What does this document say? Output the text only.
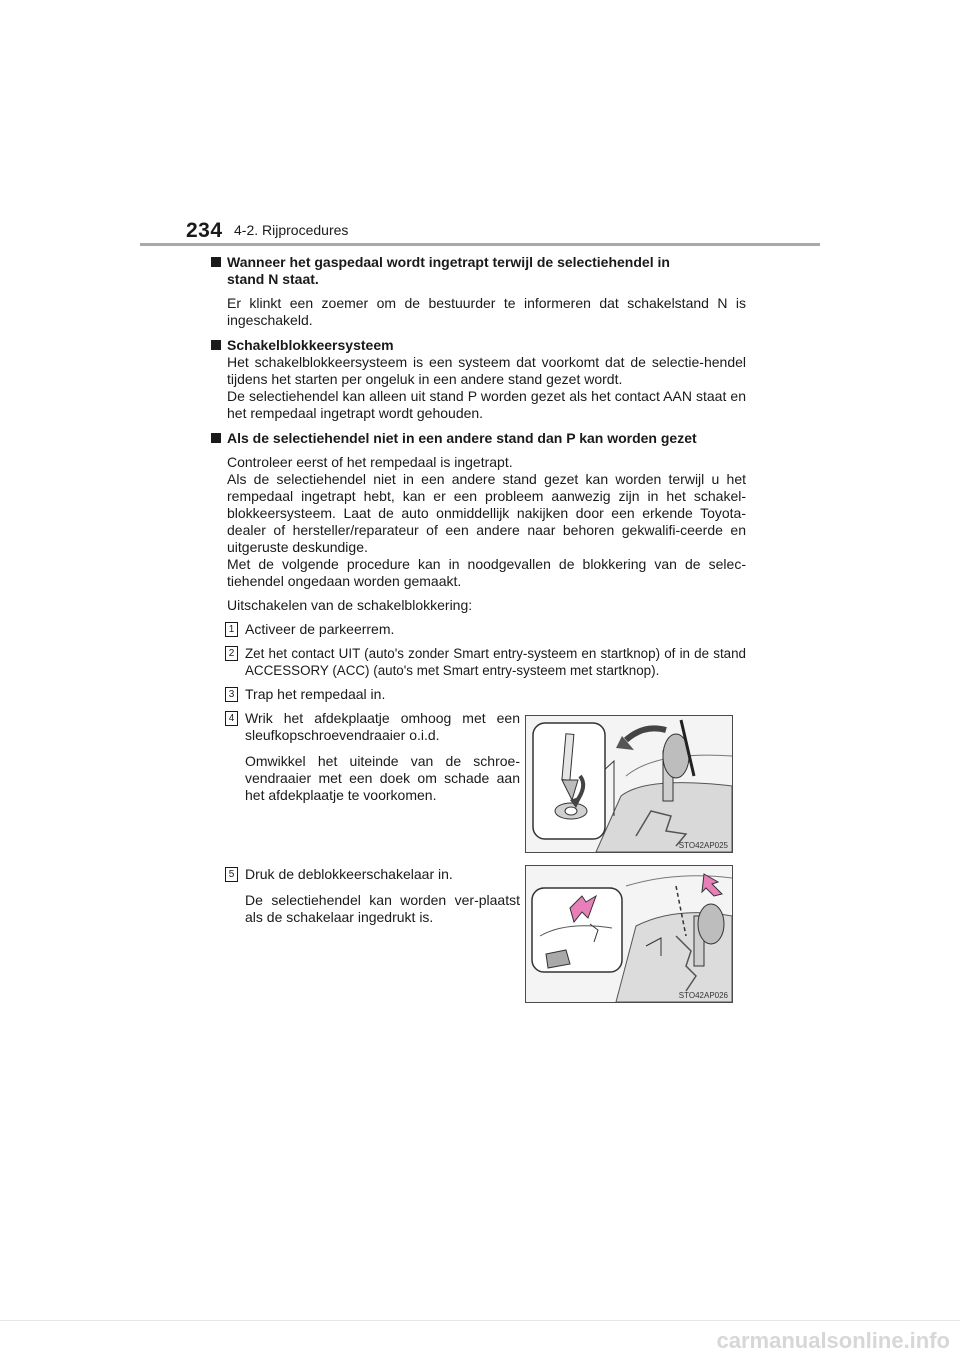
234 4-2. Rijprocedures
Wanneer het gaspedaal wordt ingetrapt terwijl de selectiehendel in stand N staat.

Er klinkt een zoemer om de bestuurder te informeren dat schakelstand N is ingeschakeld.

Schakelblokkeersysteem

Het schakelblokkeersysteem is een systeem dat voorkomt dat de selectie-hendel tijdens het starten per ongeluk in een andere stand gezet wordt.

De selectiehendel kan alleen uit stand P worden gezet als het contact AAN staat en het rempedaal ingetrapt wordt gehouden.

Als de selectiehendel niet in een andere stand dan P kan worden gezet

Controleer eerst of het rempedaal is ingetrapt.

Als de selectiehendel niet in een andere stand gezet kan worden terwijl u het rempedaal ingetrapt hebt, kan er een probleem aanwezig zijn in het schakel-blokkeersysteem. Laat de auto onmiddellijk nakijken door een erkende Toyota-dealer of hersteller/reparateur of een andere naar behoren gekwalifi-ceerde en uitgeruste deskundige.

Met de volgende procedure kan in noodgevallen de blokkering van de selec-tiehendel ongedaan worden gemaakt.

Uitschakelen van de schakelblokkering:

1 Activeer de parkeerrem.

2 Zet het contact UIT (auto's zonder Smart entry-systeem en startknop) of in de stand ACCESSORY (ACC) (auto's met Smart entry-systeem met startknop).

3 Trap het rempedaal in.

4 Wrik het afdekplaatje omhoog met een sleufkopschroevendraaier o.i.d.

Omwikkel het uiteinde van de schroe-vendraaier met een doek om schade aan het afdekplaatje te voorkomen.

5 Druk de deblokkeerschakelaar in.

De selectiehendel kan worden ver-plaatst als de schakelaar ingedrukt is.

STO42AP025
STO42AP026
carmanualsonline.info
